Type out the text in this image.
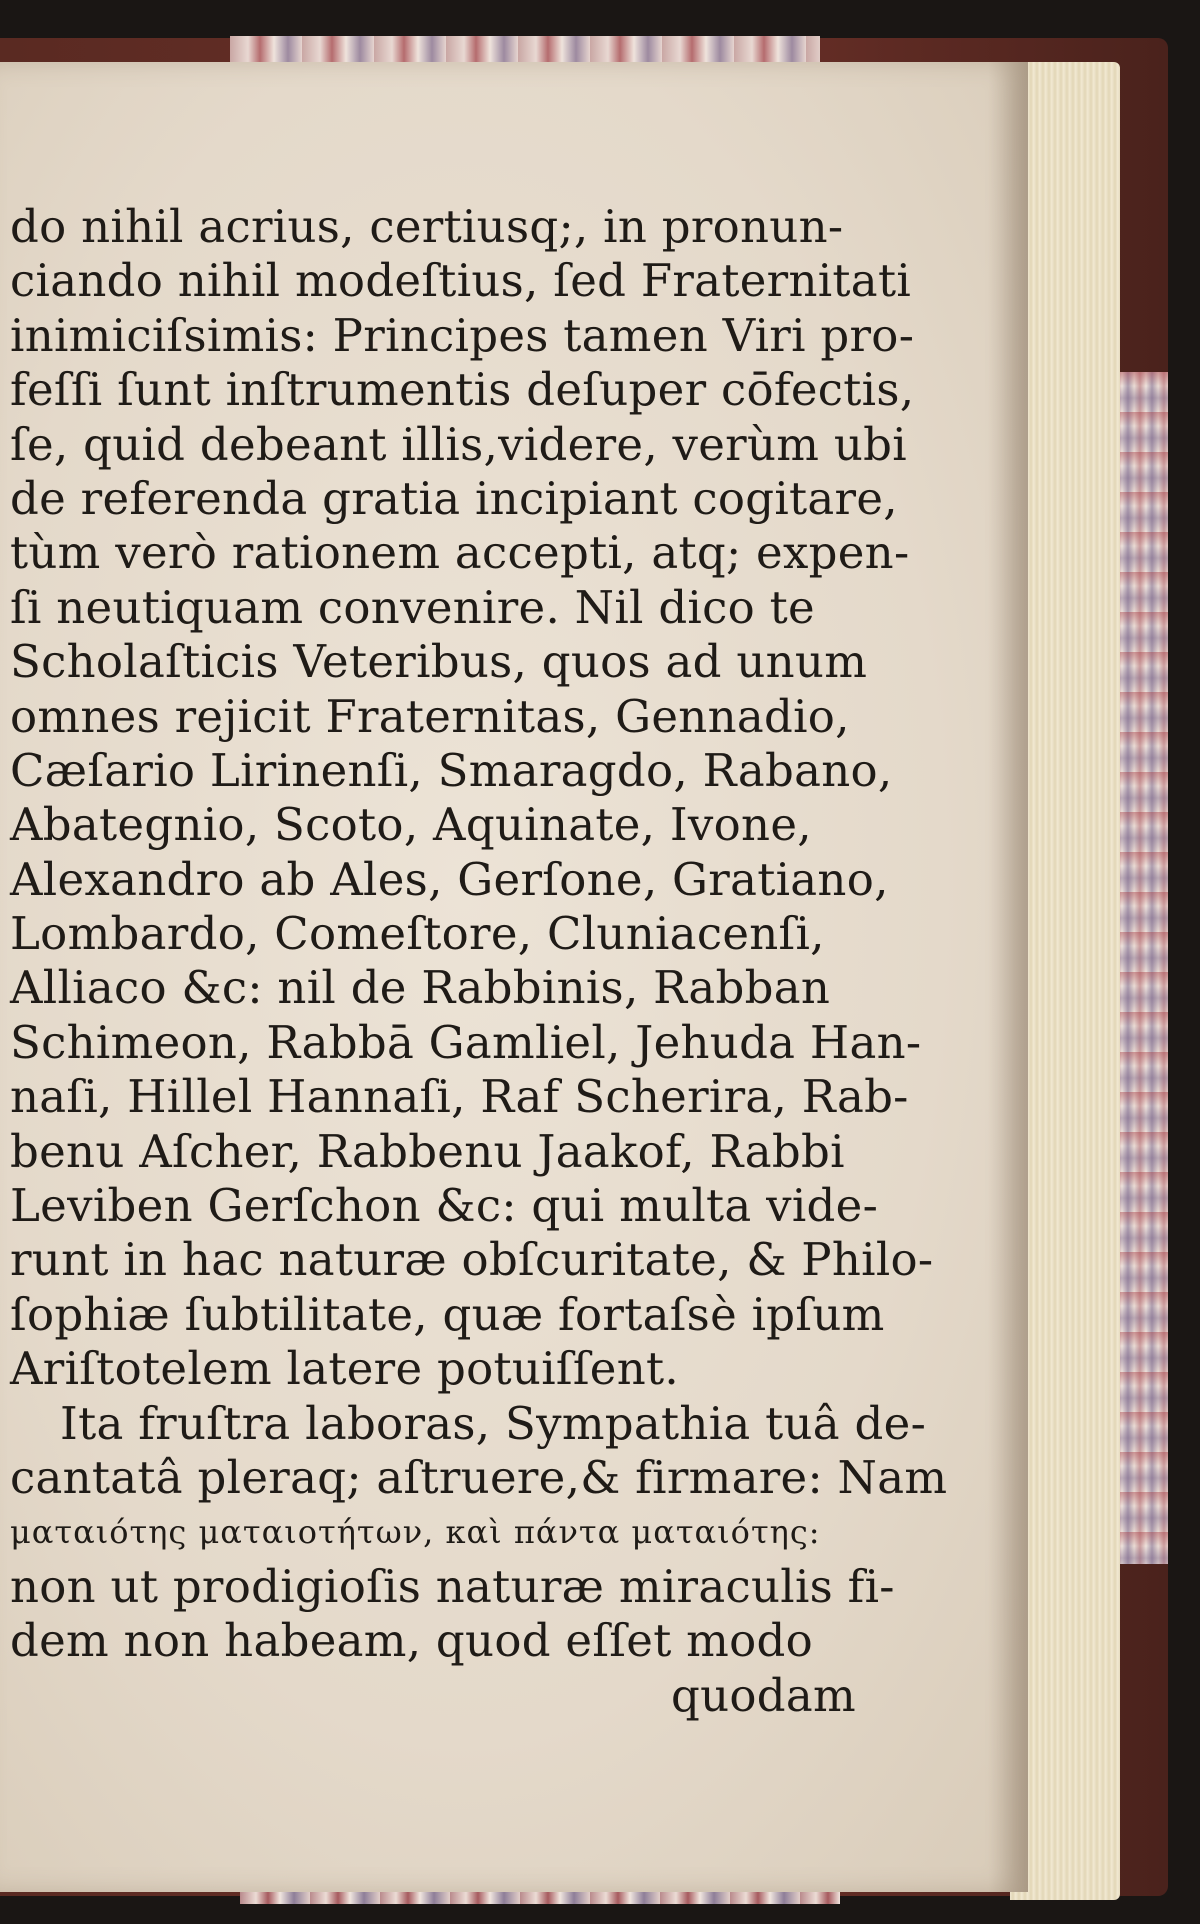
do nihil acrius, certiusq;, in pronun-
ciando nihil modeſtius, ſed Fraternitati
inimiciſsimis: Principes tamen Viri pro-
feſſi ſunt inſtrumentis deſuper cōfectis,
ſe, quid debeant illis,videre, verùm ubi
de referenda gratia incipiant cogitare,
tùm verò rationem accepti, atq; expen-
ſi neutiquam convenire. Nil dico te
Scholaſticis Veteribus, quos ad unum
omnes rejicit Fraternitas, Gennadio,
Cæſario Lirinenſi, Smaragdo, Rabano,
Abategnio, Scoto, Aquinate, Ivone,
Alexandro ab Ales, Gerſone, Gratiano,
Lombardo, Comeſtore, Cluniacenſi,
Alliaco &c: nil de Rabbinis, Rabban
Schimeon, Rabbā Gamliel, Jehuda Han-
naſi, Hillel Hannaſi, Raf Scherira, Rab-
benu Aſcher, Rabbenu Jaakof, Rabbi
Leviben Gerſchon &c: qui multa vide-
runt in hac naturæ obſcuritate, & Philo-
ſophiæ ſubtilitate, quæ fortaſsè ipſum
Ariſtotelem latere potuiſſent.
Ita fruſtra laboras, Sympathia tuâ de-
cantatâ pleraq; aſtruere,& firmare: Nam
ματαιότης ματαιοτήτων, καὶ πάντα ματαιότης:
non ut prodigioſis naturæ miraculis fi-
dem non habeam, quod eſſet modo
quodam
